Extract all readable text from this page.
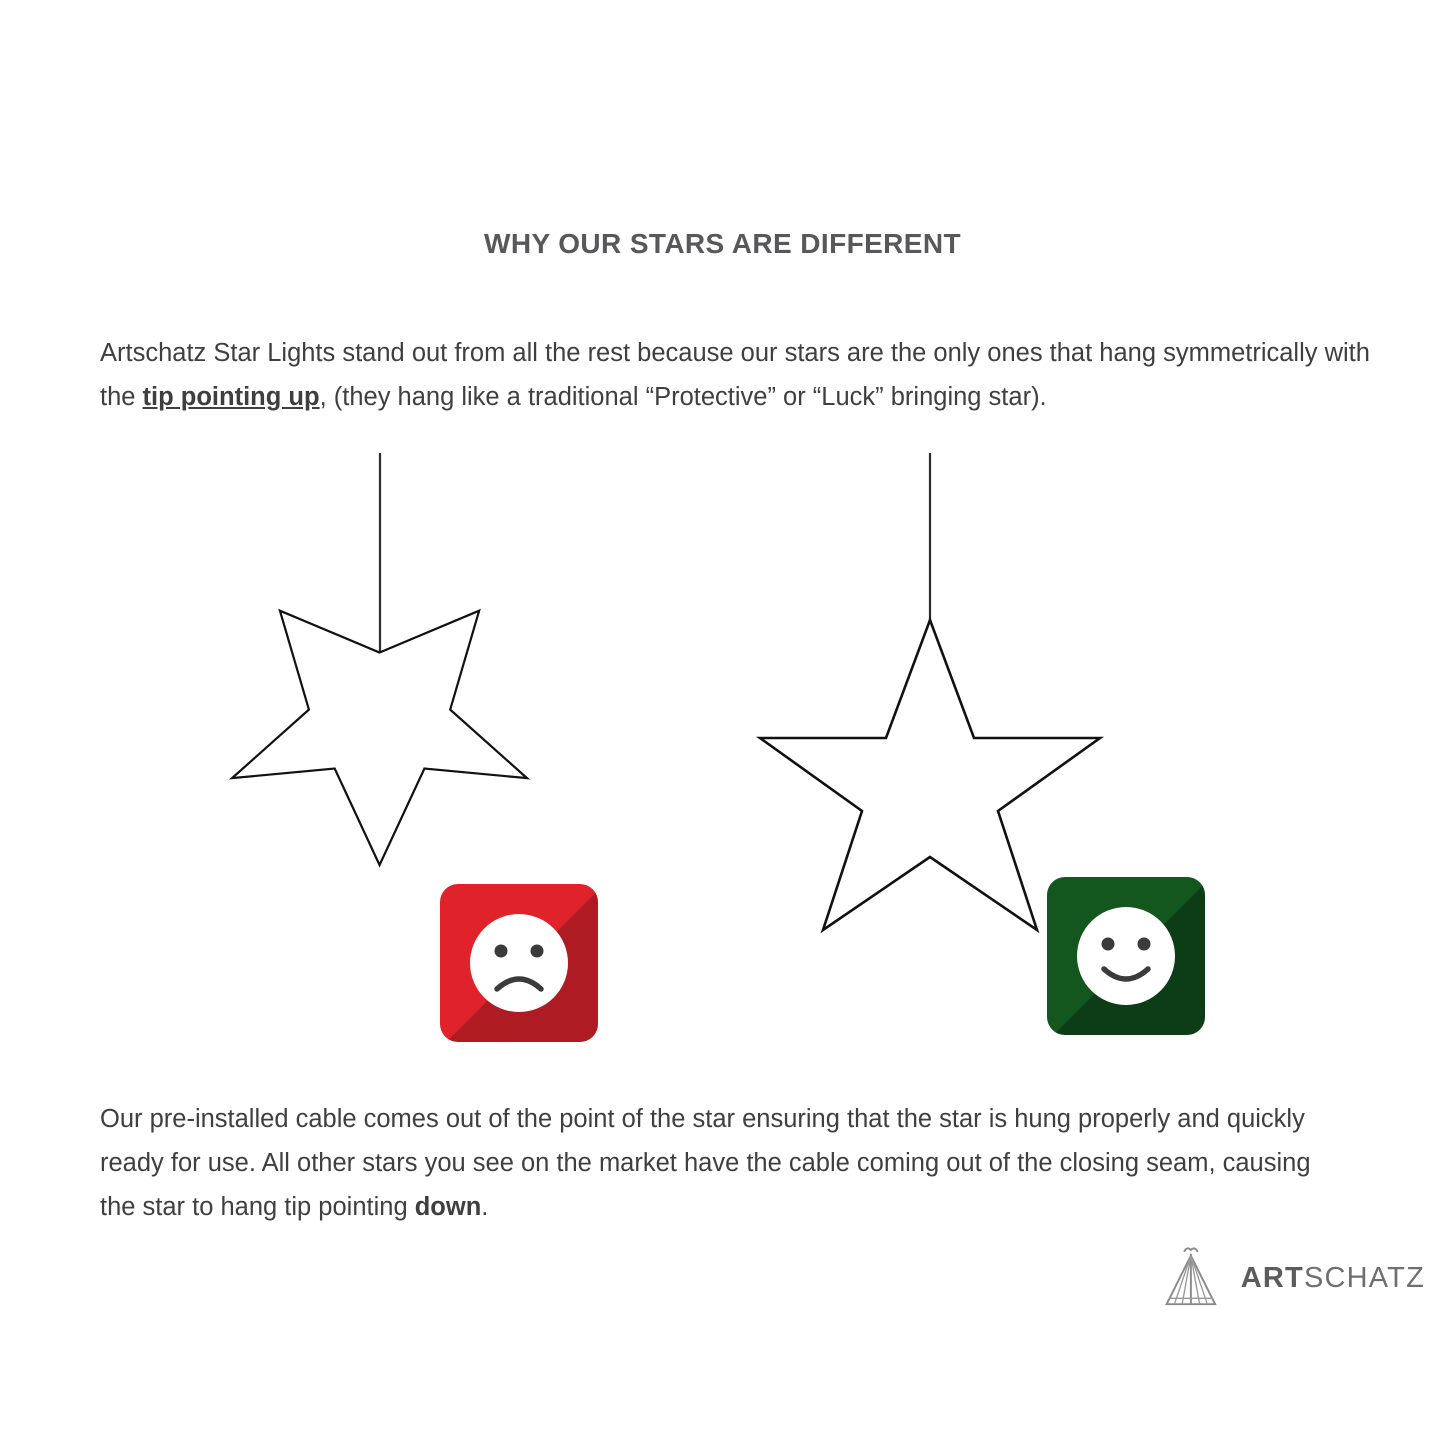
WHY OUR STARS ARE DIFFERENT
Artschatz Star Lights stand out from all the rest because our stars are the only ones that hang symmetrically with the tip pointing up, (they hang like a traditional “Protective” or “Luck” bringing star).
Our pre-installed cable comes out of the point of the star ensuring that the star is hung properly and quickly ready for use. All other stars you see on the market have the cable coming out of the closing seam, causing the star to hang tip pointing down.
ARTSCHATZ
